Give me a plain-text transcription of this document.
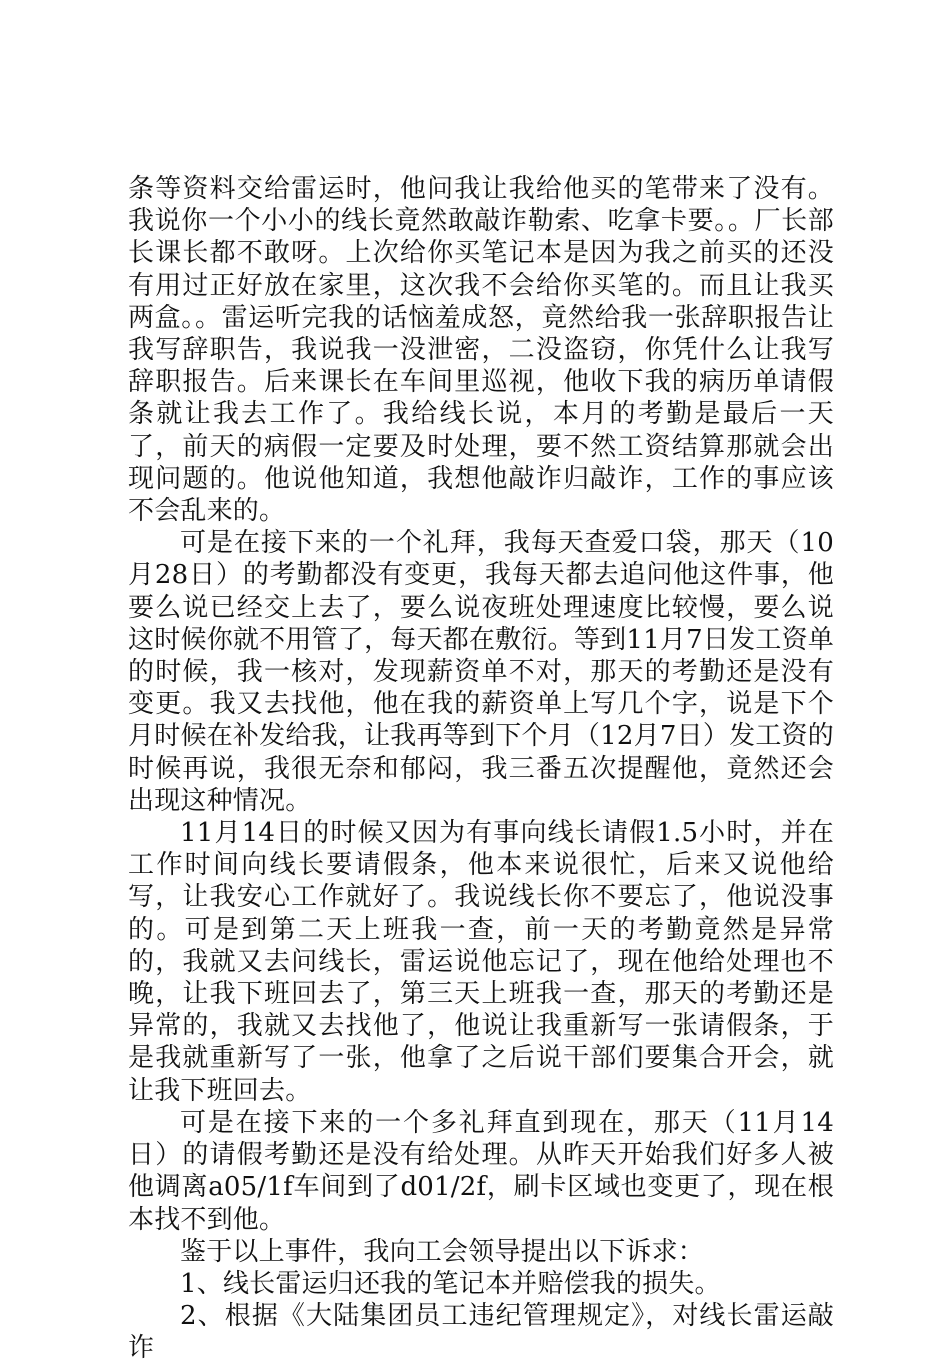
条等资料交给雷运时，他问我让我给他买的笔带来了没有。我说你一个小小的线长竟然敢敲诈勒索、吃拿卡要。。厂长部长课长都不敢呀。上次给你买笔记本是因为我之前买的还没有用过正好放在家里，这次我不会给你买笔的。而且让我买两盒。。雷运听完我的话恼羞成怒，竟然给我一张辞职报告让我写辞职告，我说我一没泄密，二没盗窃，你凭什么让我写辞职报告。后来课长在车间里巡视，他收下我的病历单请假条就让我去工作了。我给线长说，本月的考勤是最后一天了，前天的病假一定要及时处理，要不然工资结算那就会出现问题的。他说他知道，我想他敲诈归敲诈，工作的事应该不会乱来的。

可是在接下来的一个礼拜，我每天查爱口袋，那天（10月28日）的考勤都没有变更，我每天都去追问他这件事，他要么说已经交上去了，要么说夜班处理速度比较慢，要么说这时候你就不用管了，每天都在敷衍。等到11月7日发工资单的时候，我一核对，发现薪资单不对，那天的考勤还是没有变更。我又去找他，他在我的薪资单上写几个字，说是下个月时候在补发给我，让我再等到下个月（12月7日）发工资的时候再说，我很无奈和郁闷，我三番五次提醒他，竟然还会出现这种情况。

11月14日的时候又因为有事向线长请假1.5小时，并在工作时间向线长要请假条，他本来说很忙，后来又说他给写，让我安心工作就好了。我说线长你不要忘了，他说没事的。可是到第二天上班我一查，前一天的考勤竟然是异常的，我就又去问线长，雷运说他忘记了，现在他给处理也不晚，让我下班回去了，第三天上班我一查，那天的考勤还是异常的，我就又去找他了，他说让我重新写一张请假条，于是我就重新写了一张，他拿了之后说干部们要集合开会，就让我下班回去。

可是在接下来的一个多礼拜直到现在，那天（11月14日）的请假考勤还是没有给处理。从昨天开始我们好多人被他调离a05/1f车间到了d01/2f，刷卡区域也变更了，现在根本找不到他。

鉴于以上事件，我向工会领导提出以下诉求：

1、线长雷运归还我的笔记本并赔偿我的损失。

2、根据《大陆集团员工违纪管理规定》，对线长雷运敲诈
